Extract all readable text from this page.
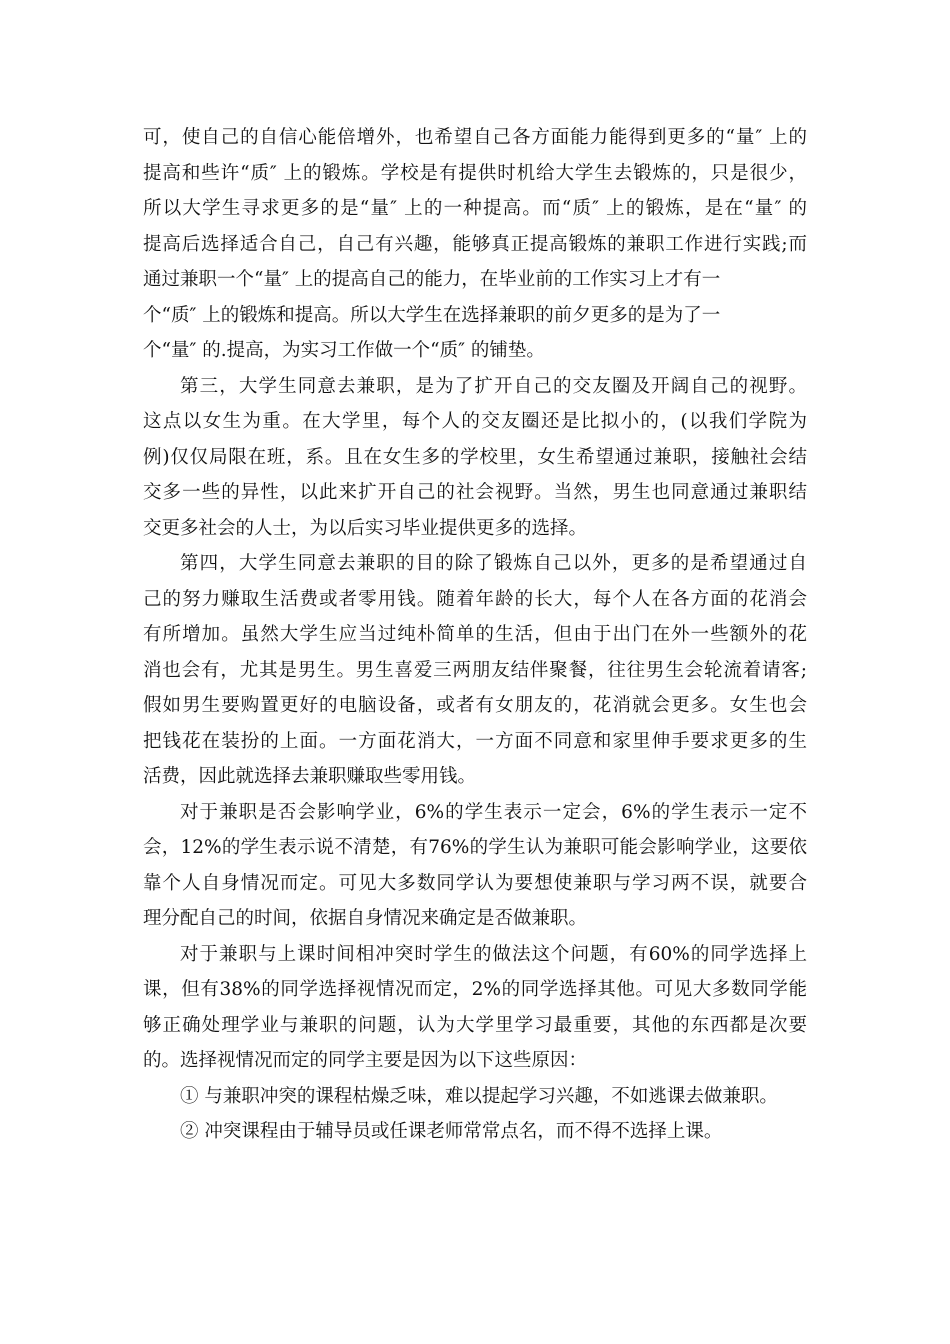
可，使自己的自信心能倍增外，也希望自己各方面能力能得到更多的“量″ 上的
提高和些许“质″ 上的锻炼。学校是有提供时机给大学生去锻炼的，只是很少，
所以大学生寻求更多的是“量″ 上的一种提高。而“质″ 上的锻炼，是在“量″ 的
提高后选择适合自己，自己有兴趣，能够真正提高锻炼的兼职工作进行实践;而
通过兼职一个“量″ 上的提高自己的能力，在毕业前的工作实习上才有一
个“质″ 上的锻炼和提高。所以大学生在选择兼职的前夕更多的是为了一
个“量″ 的.提高，为实习工作做一个“质″ 的铺垫。
第三，大学生同意去兼职，是为了扩开自己的交友圈及开阔自己的视野。
这点以女生为重。在大学里，每个人的交友圈还是比拟小的，(以我们学院为
例)仅仅局限在班，系。且在女生多的学校里，女生希望通过兼职，接触社会结
交多一些的异性，以此来扩开自己的社会视野。当然，男生也同意通过兼职结
交更多社会的人士，为以后实习毕业提供更多的选择。
第四，大学生同意去兼职的目的除了锻炼自己以外，更多的是希望通过自
己的努力赚取生活费或者零用钱。随着年龄的长大，每个人在各方面的花消会
有所增加。虽然大学生应当过纯朴简单的生活，但由于出门在外一些额外的花
消也会有，尤其是男生。男生喜爱三两朋友结伴聚餐，往往男生会轮流着请客;
假如男生要购置更好的电脑设备，或者有女朋友的，花消就会更多。女生也会
把钱花在装扮的上面。一方面花消大，一方面不同意和家里伸手要求更多的生
活费，因此就选择去兼职赚取些零用钱。
对于兼职是否会影响学业，6%的学生表示一定会，6%的学生表示一定不
会，12%的学生表示说不清楚，有76%的学生认为兼职可能会影响学业，这要依
靠个人自身情况而定。可见大多数同学认为要想使兼职与学习两不误，就要合
理分配自己的时间，依据自身情况来确定是否做兼职。
对于兼职与上课时间相冲突时学生的做法这个问题，有60%的同学选择上
课，但有38%的同学选择视情况而定，2%的同学选择其他。可见大多数同学能
够正确处理学业与兼职的问题，认为大学里学习最重要，其他的东西都是次要
的。选择视情况而定的同学主要是因为以下这些原因：
① 与兼职冲突的课程枯燥乏味，难以提起学习兴趣，不如逃课去做兼职。
② 冲突课程由于辅导员或任课老师常常点名，而不得不选择上课。
